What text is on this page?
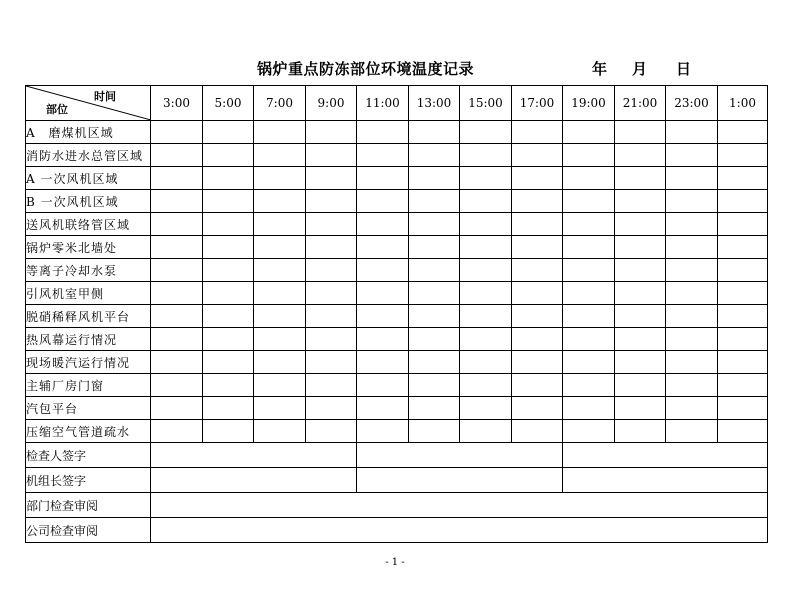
锅炉重点防冻部位环境温度记录	年 月 日
时间
部位	3:00	5:00	7:00	9:00	11:00	13:00	15:00	17:00	19:00	21:00	23:00	1:00
A　磨煤机区域												
消防水进水总管区域												
A 一次风机区域												
B 一次风机区域												
送风机联络管区域												
锅炉零米北墙处												
等离子冷却水泵												
引风机室甲侧												
脱硝稀释风机平台												
热风幕运行情况												
现场暖汽运行情况												
主辅厂房门窗												
汽包平台												
压缩空气管道疏水												
检查人签字												
机组长签字												
部门检查审阅												
公司检查审阅												
- 1 -
